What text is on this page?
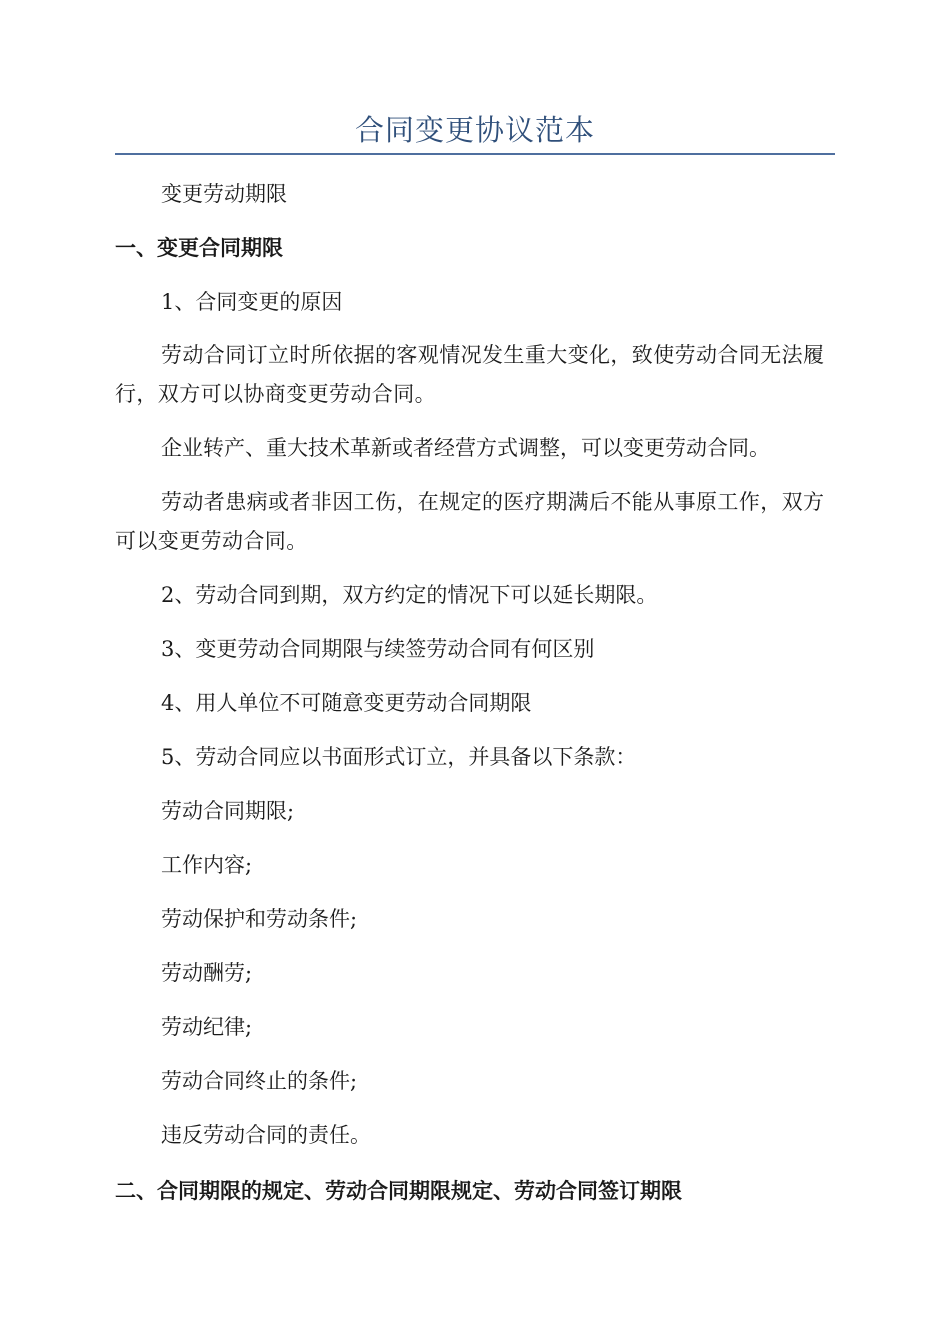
合同变更协议范本
变更劳动期限
一、变更合同期限
1、合同变更的原因
劳动合同订立时所依据的客观情况发生重大变化，致使劳动合同无法履行，双方可以协商变更劳动合同。
企业转产、重大技术革新或者经营方式调整，可以变更劳动合同。
劳动者患病或者非因工伤，在规定的医疗期满后不能从事原工作，双方可以变更劳动合同。
2、劳动合同到期，双方约定的情况下可以延长期限。
3、变更劳动合同期限与续签劳动合同有何区别
4、用人单位不可随意变更劳动合同期限
5、劳动合同应以书面形式订立，并具备以下条款：
劳动合同期限;
工作内容;
劳动保护和劳动条件;
劳动酬劳;
劳动纪律;
劳动合同终止的条件;
违反劳动合同的责任。
二、合同期限的规定、劳动合同期限规定、劳动合同签订期限
